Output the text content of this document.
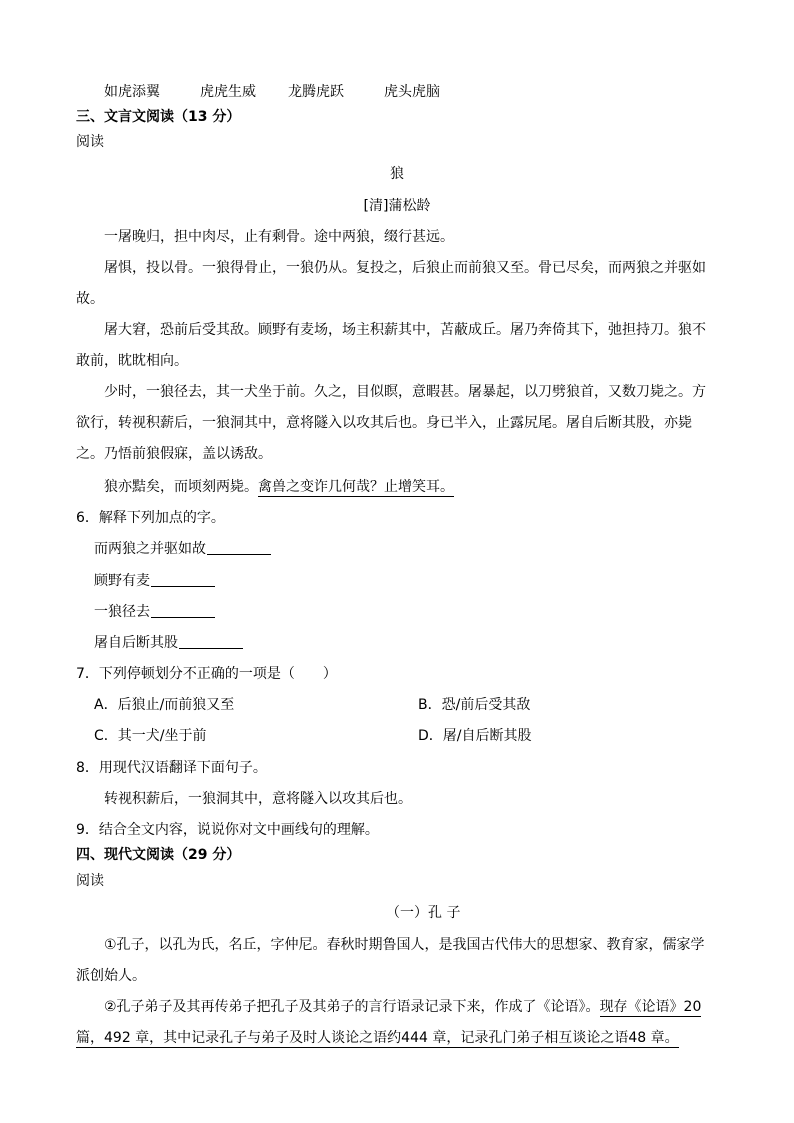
如虎添翼	虎虎生威 龙腾虎跃	虎头虎脑
三、文言文阅读（13 分）
阅读
狼
[清]蒲松龄
一屠晚归，担中肉尽，止有剩骨。途中两狼，缀行甚远。
屠惧，投以骨。一狼得骨止，一狼仍从。复投之，后狼止而前狼又至。骨已尽矣，而两狼之并驱如
故。
屠大窘，恐前后受其敌。顾野有麦场，场主积薪其中，苫蔽成丘。屠乃奔倚其下，弛担持刀。狼不
敢前，眈眈相向。
少时，一狼径去，其一犬坐于前。久之，目似瞑，意暇甚。屠暴起，以刀劈狼首，又数刀毙之。方
欲行，转视积薪后，一狼洞其中，意将隧入以攻其后也。身已半入，止露尻尾。屠自后断其股，亦毙
之。乃悟前狼假寐，盖以诱敌。
狼亦黠矣，而顷刻两毙。禽兽之变诈几何哉？止增笑耳。
6．解释下列加点的字。
而两狼之并驱如故
顾野有麦
一狼径去
屠自后断其股
7．下列停顿划分不正确的一项是（　　）
A．后狼止/而前狼又至	B．恐/前后受其敌
C．其一犬/坐于前	D．屠/自后断其股
8．用现代汉语翻译下面句子。
转视积薪后，一狼洞其中，意将隧入以攻其后也。
9．结合全文内容，说说你对文中画线句的理解。
四、现代文阅读（29 分）
阅读
（一）孔 子
①孔子，以孔为氏，名丘，字仲尼。春秋时期鲁国人，是我国古代伟大的思想家、教育家，儒家学
派创始人。
②孔子弟子及其再传弟子把孔子及其弟子的言行语录记录下来，作成了《论语》。现存《论语》20
篇，492 章，其中记录孔子与弟子及时人谈论之语约444 章，记录孔门弟子相互谈论之语48 章。
